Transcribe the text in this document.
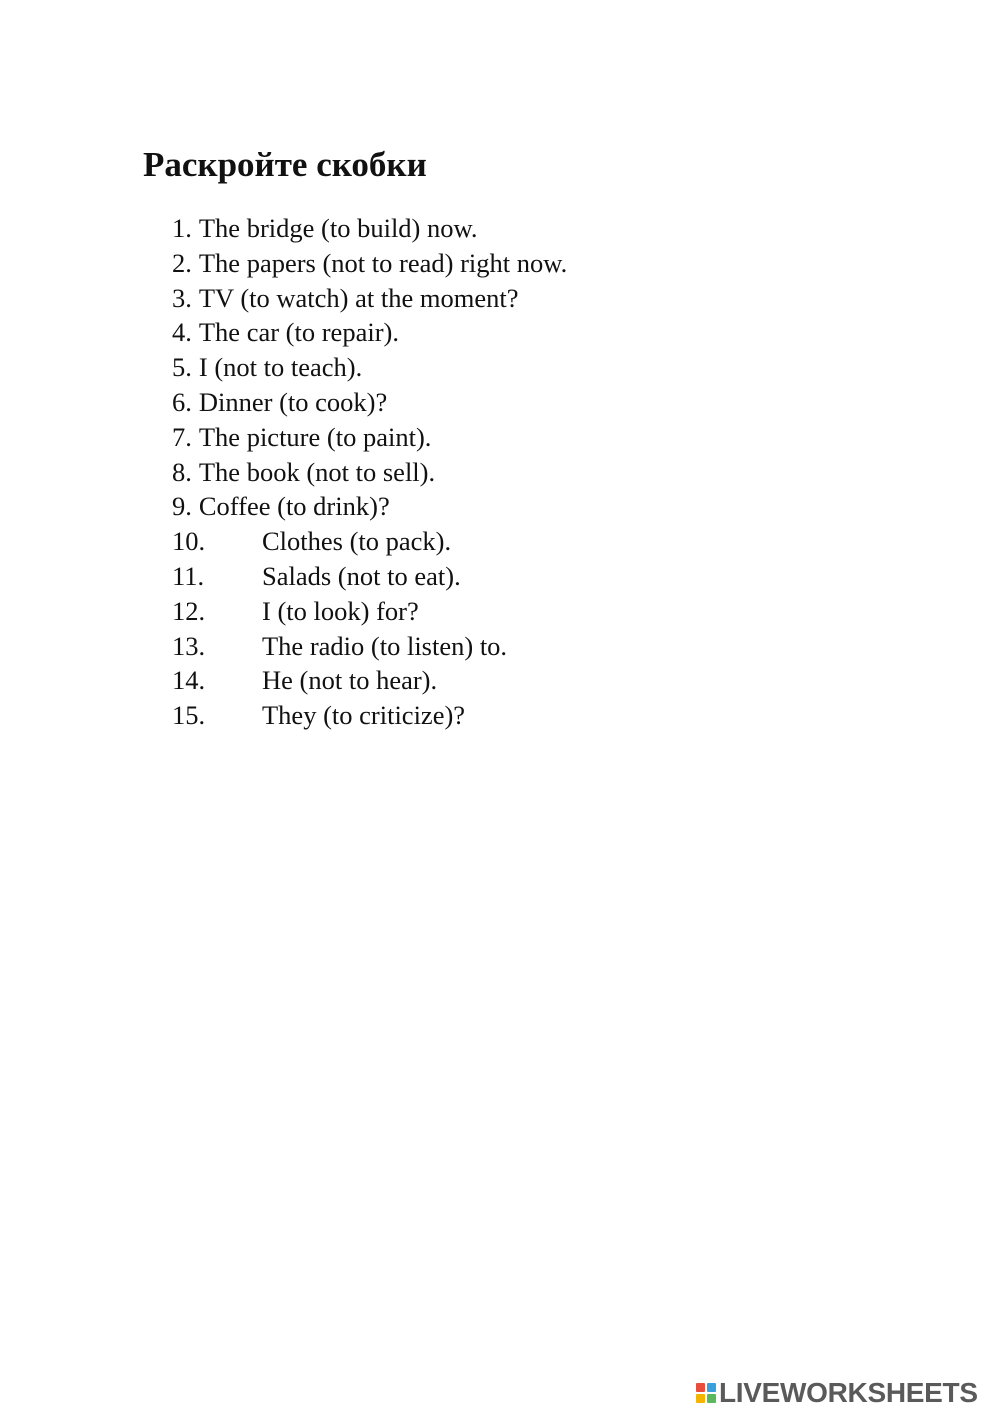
Раскройте скобки
1. The bridge (to build) now.
2. The papers (not to read) right now.
3. TV (to watch) at the moment?
4. The car (to repair).
5. I (not to teach).
6. Dinner (to cook)?
7. The picture (to paint).
8. The book (not to sell).
9. Coffee (to drink)?
10. Clothes (to pack).
11. Salads (not to eat).
12. I (to look) for?
13. The radio (to listen) to.
14. He (not to hear).
15. They (to criticize)?
LIVEWORKSHEETS
